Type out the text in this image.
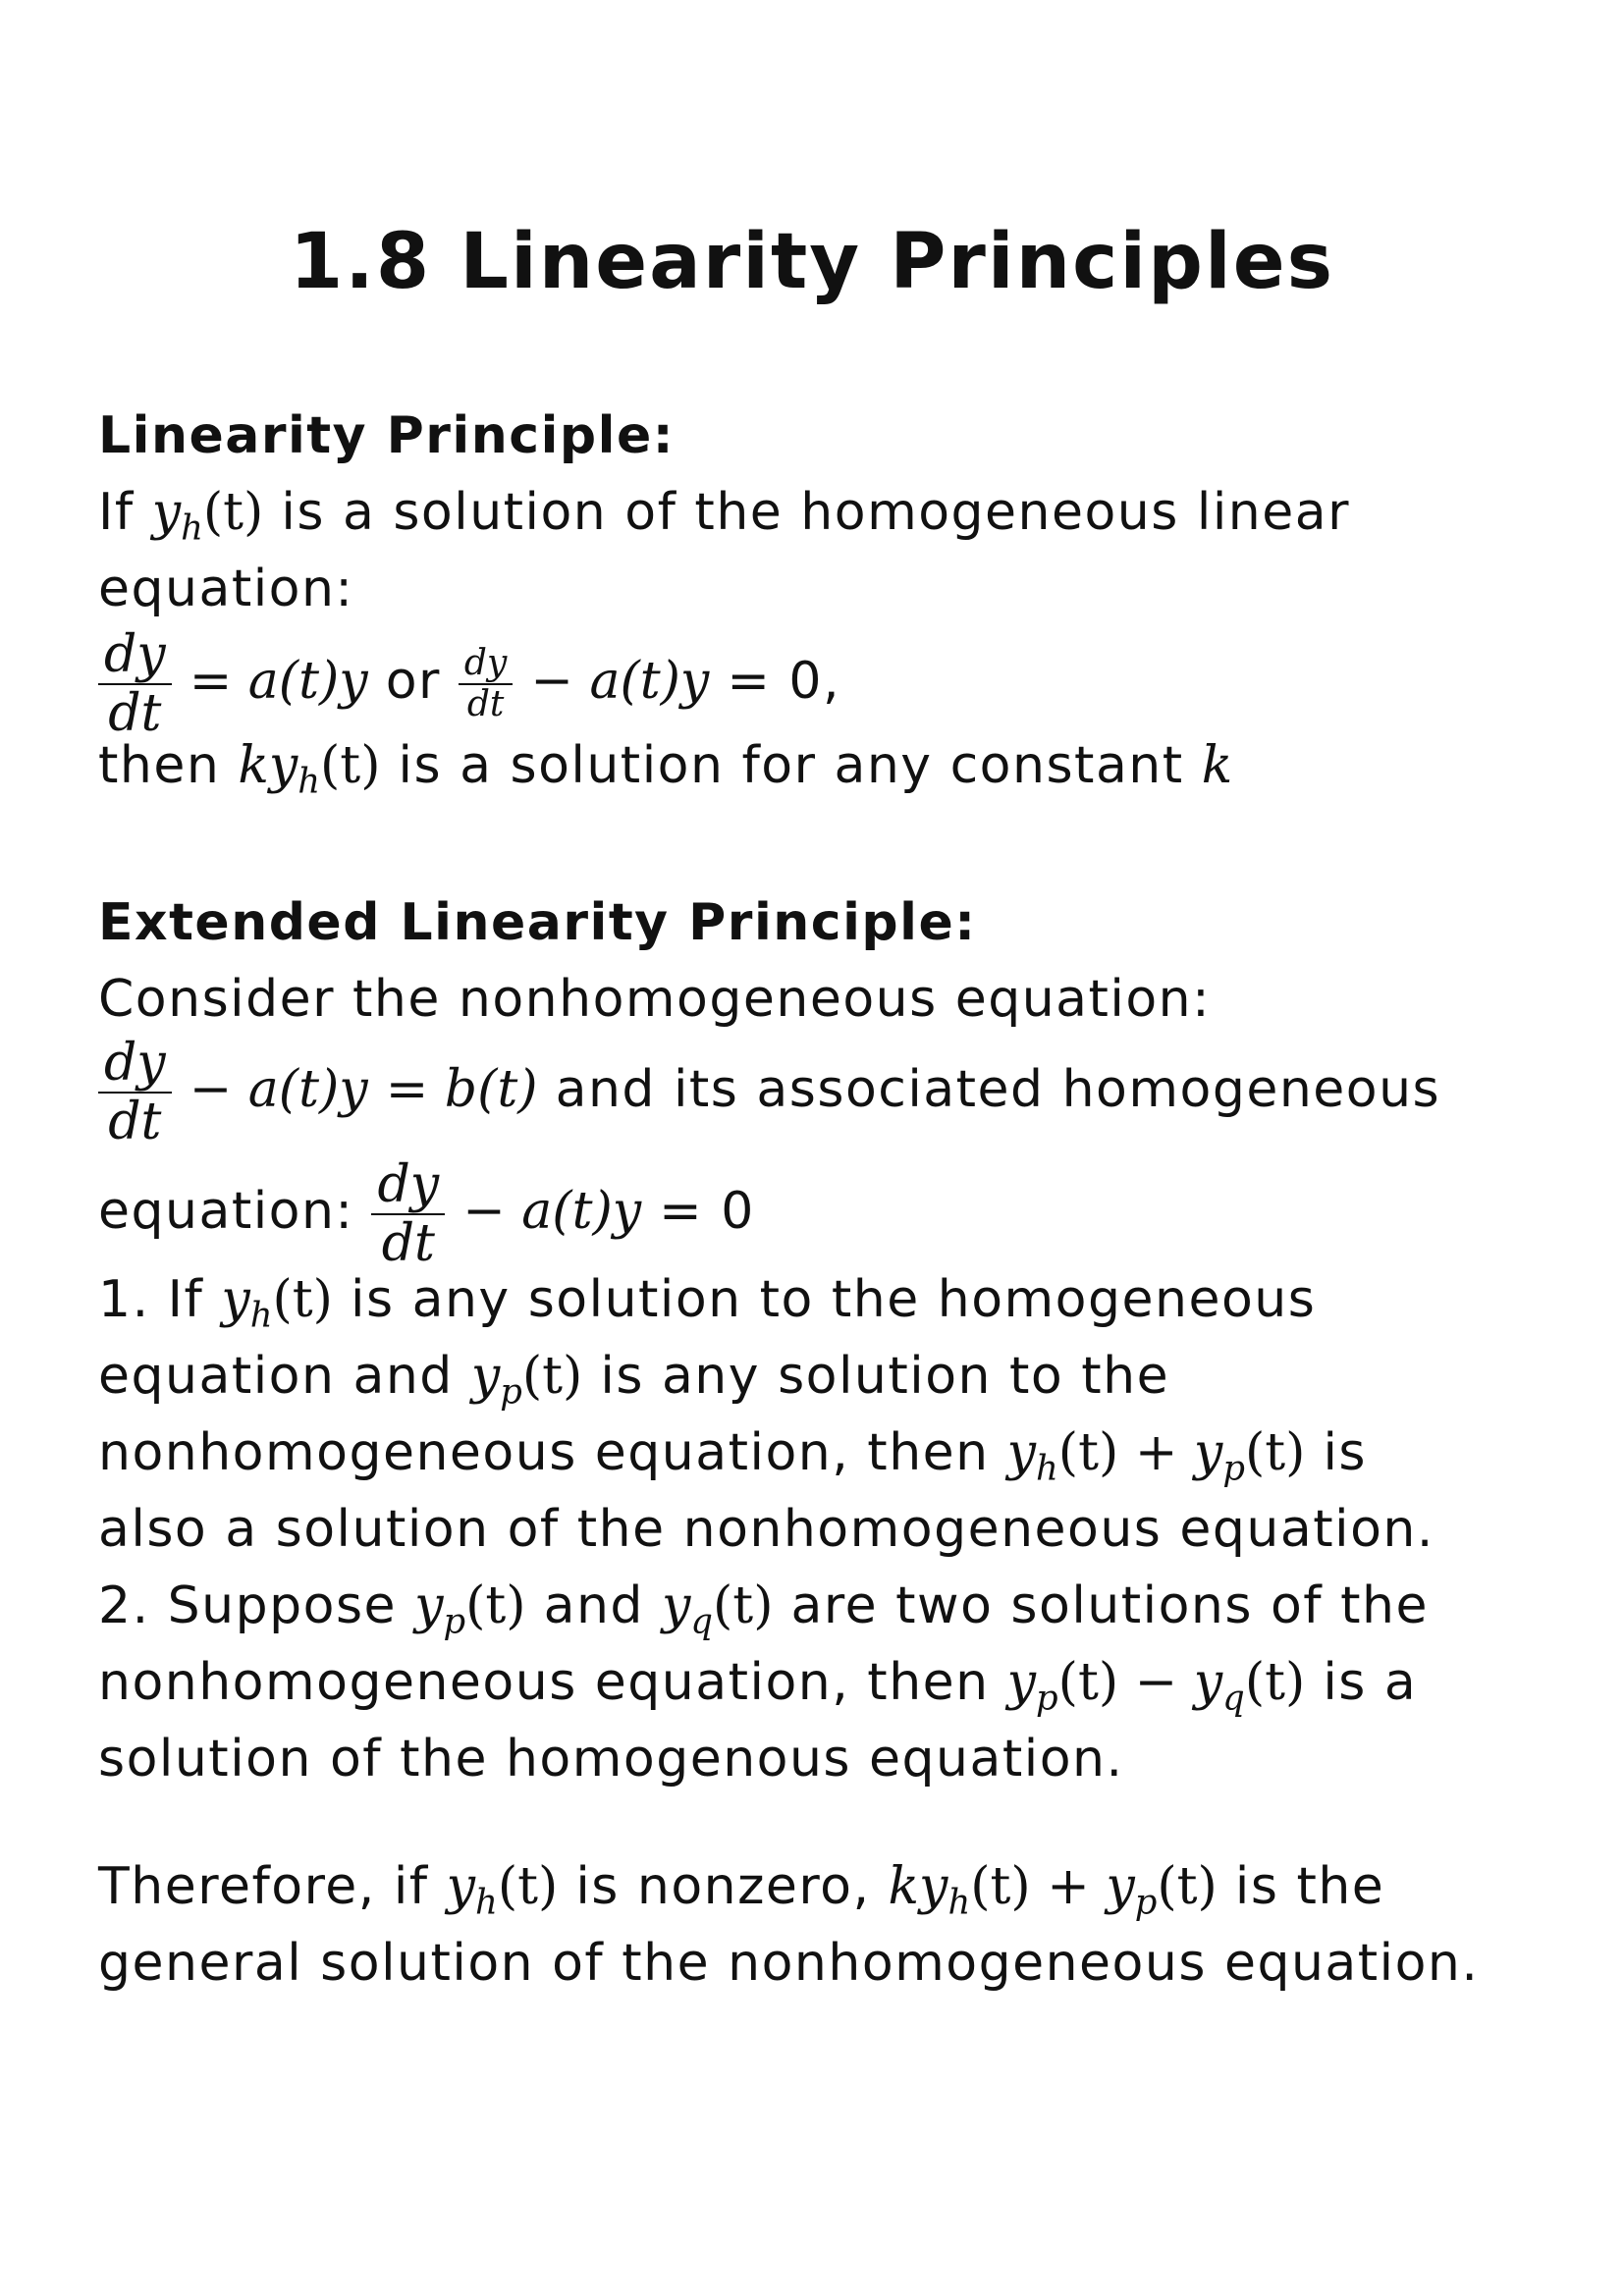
1.8 Linearity Principles
Linearity Principle:
If $y_h(t)$ is a solution of the homogeneous linear
equation:
$\frac{dy}{dt} = a(t)y$ or $\frac{dy}{dt} - a(t)y = 0$,
then $ky_h(t)$ is a solution for any constant k
Extended Linearity Principle:
Consider the nonhomogeneous equation:
$\frac{dy}{dt} - a(t)y = b(t)$ and its associated homogeneous
equation: $\frac{dy}{dt} - a(t)y = 0$
1. If $y_h(t)$ is any solution to the homogeneous
equation and $y_p(t)$ is any solution to the
nonhomogeneous equation, then $y_h(t) + y_p(t)$ is
also a solution of the nonhomogeneous equation.
2. Suppose $y_p(t)$ and $y_q(t)$ are two solutions of the
nonhomogeneous equation, then $y_p(t) - y_q(t)$ is a
solution of the homogenous equation.
Therefore, if $y_h(t)$ is nonzero, $ky_h(t) + y_p(t)$ is the
general solution of the nonhomogeneous equation.
